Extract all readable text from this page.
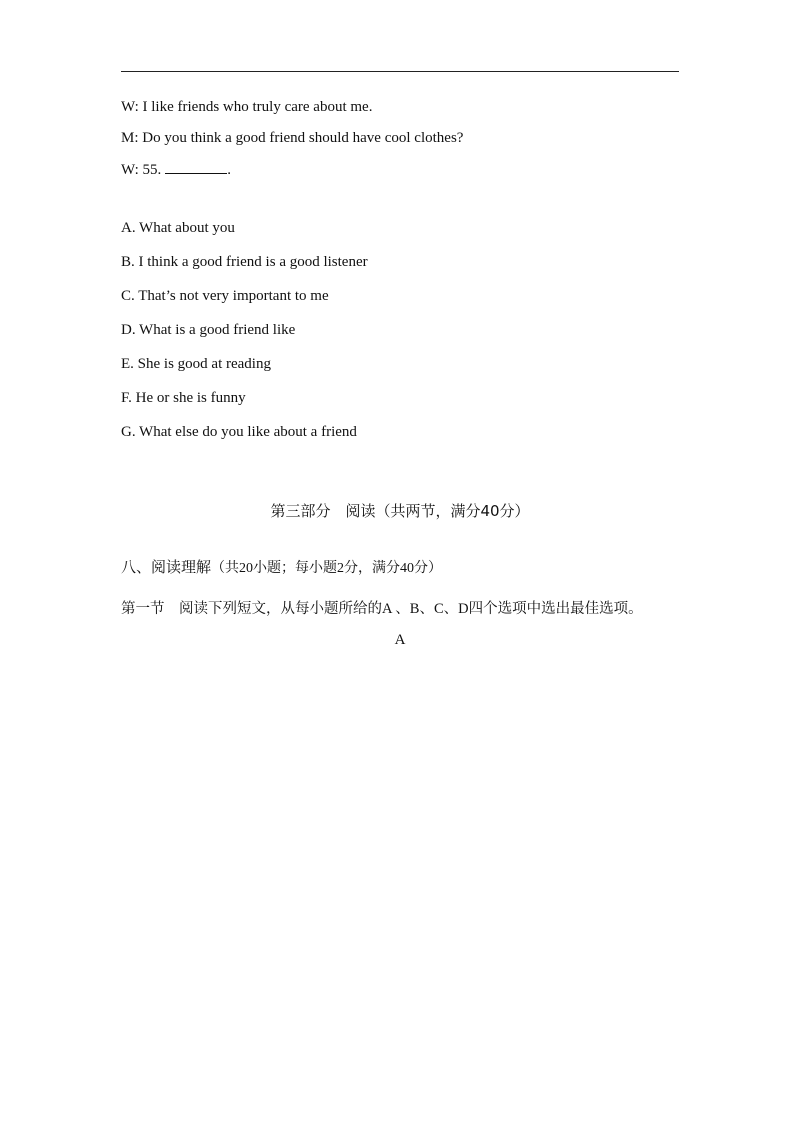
W: I like friends who truly care about me.
M: Do you think a good friend should have cool clothes?
W: 55.	.
A. What about you
B. I think a good friend is a good listener
C. That’s not very important to me
D. What is a good friend like
E. She is good at reading
F. He or she is funny
G. What else do you like about a friend
第三部分　阅读（共两节，满分40分）
八、阅读理解（共20小题；每小题2分，满分40分）
第一节　阅读下列短文，从每小题所给的A 、B、C、D四个选项中选出最佳选项。
A
